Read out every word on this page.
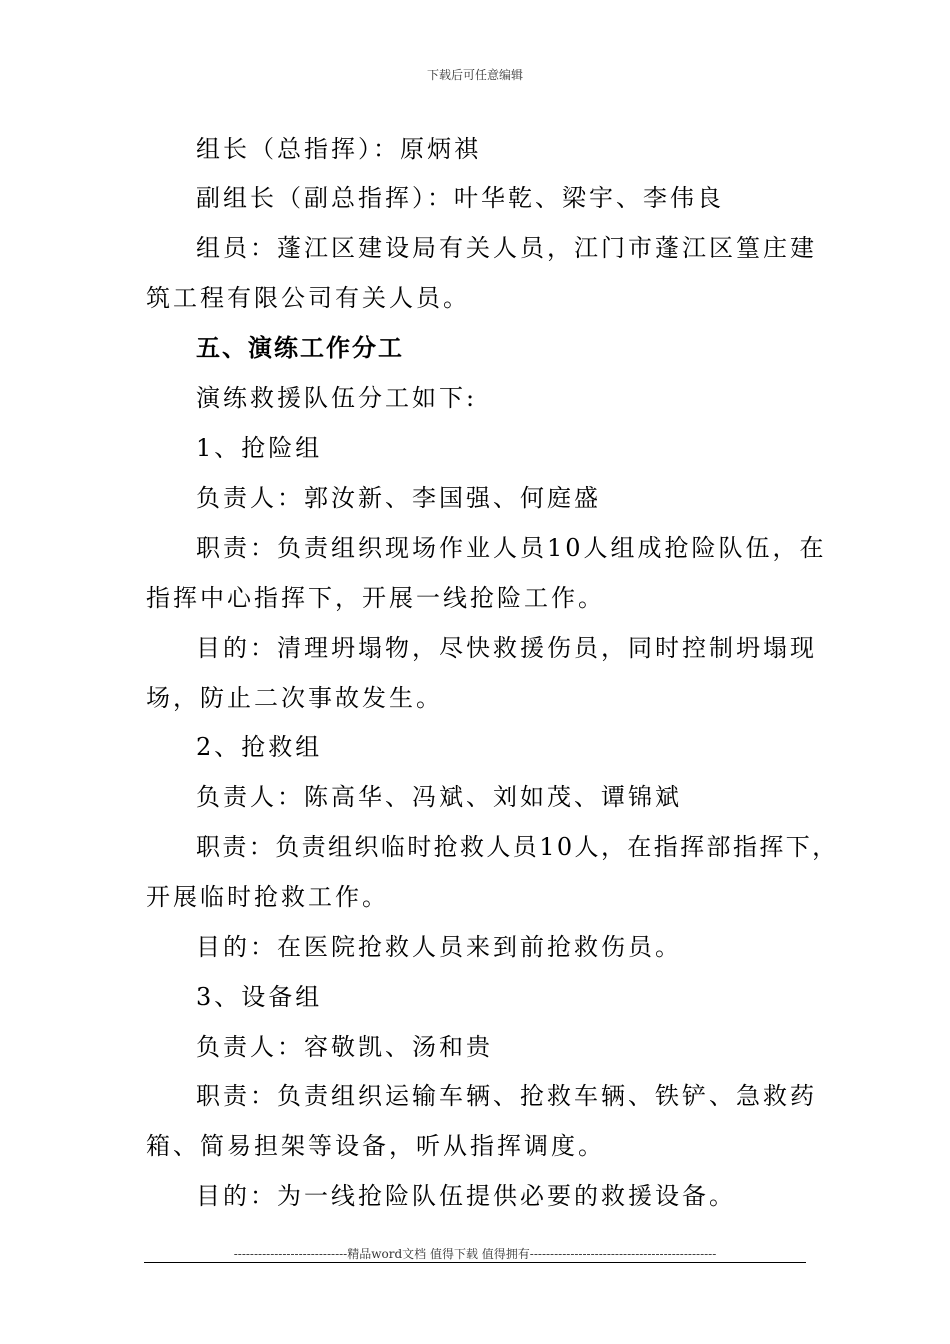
下载后可任意编辑
组长（总指挥）：原炳祺
副组长（副总指挥）：叶华乾、梁宇、李伟良
组员：蓬江区建设局有关人员，江门市蓬江区篁庄建
筑工程有限公司有关人员。
五、演练工作分工
演练救援队伍分工如下:
1、抢险组
负责人：郭汝新、李国强、何庭盛
职责：负责组织现场作业人员10人组成抢险队伍，在
指挥中心指挥下，开展一线抢险工作。
目的：清理坍塌物，尽快救援伤员，同时控制坍塌现
场，防止二次事故发生。
2、抢救组
负责人：陈高华、冯斌、刘如茂、谭锦斌
职责：负责组织临时抢救人员10人，在指挥部指挥下，
开展临时抢救工作。
目的：在医院抢救人员来到前抢救伤员。
3、设备组
负责人：容敬凯、汤和贵
职责：负责组织运输车辆、抢救车辆、铁铲、急救药
箱、简易担架等设备，听从指挥调度。
目的：为一线抢险队伍提供必要的救援设备。
----------------------------精品word文档 值得下载 值得拥有----------------------------------------------
